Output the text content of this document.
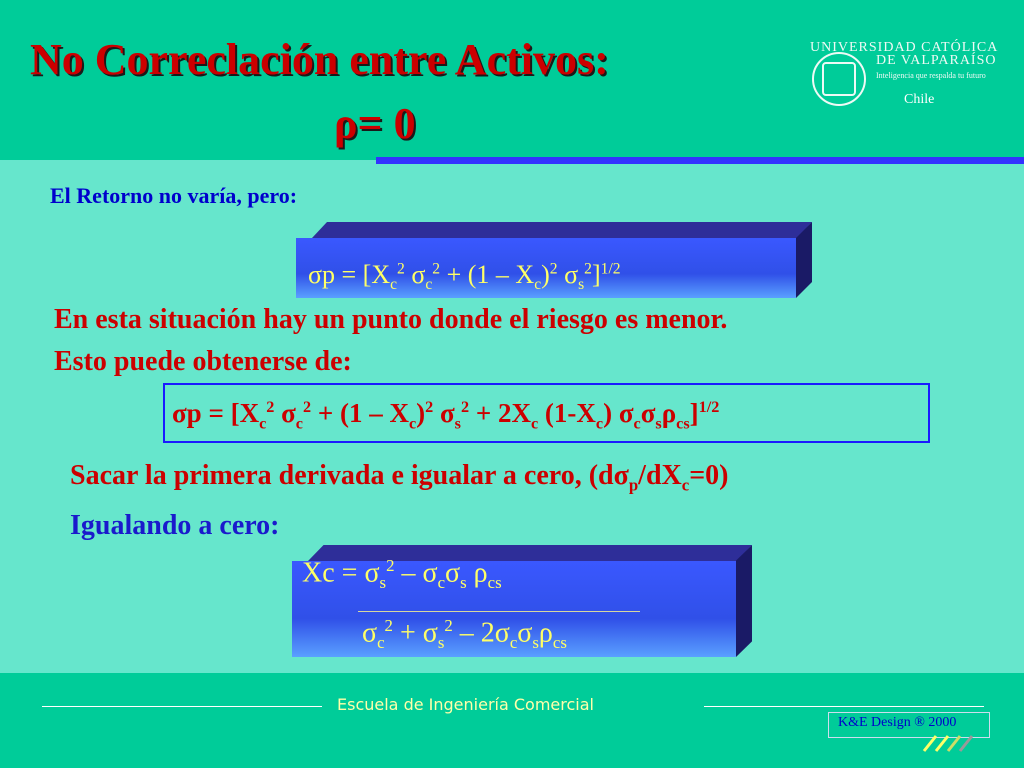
No Correclación entre Activos:
ρ= 0
UNIVERSIDAD CATÓLICA
DE VALPARAÍSO
Inteligencia que respalda tu futuro
Chile
El Retorno no varía, pero:
$\sigma p = [X_c^2$ $\sigma_c^2 + (1 - X_c)^2$ $\sigma_s^2]^{1/2}$
En esta situación hay un punto donde el riesgo es menor.
Esto puede obtenerse de:
$\sigma p = [X_c^2$ $\sigma_c^2 + (1 - X_c)^2$ $\sigma_s^2 + 2X_c$ $(1-X_c)$ $\sigma_c\sigma_s\rho_{cs}]^{1/2}$
Sacar la primera derivada e igualar a cero, $(d\sigma_p/dX_c=0)$
Igualando a cero:
$Xc = \sigma_s^2 - \sigma_c\sigma_s$ $\rho_{cs}$
$\sigma_c^2 + \sigma_s^2 - 2\sigma_c\sigma_s\rho_{cs}$
Escuela de Ingeniería Comercial
K&E Design ® 2000
